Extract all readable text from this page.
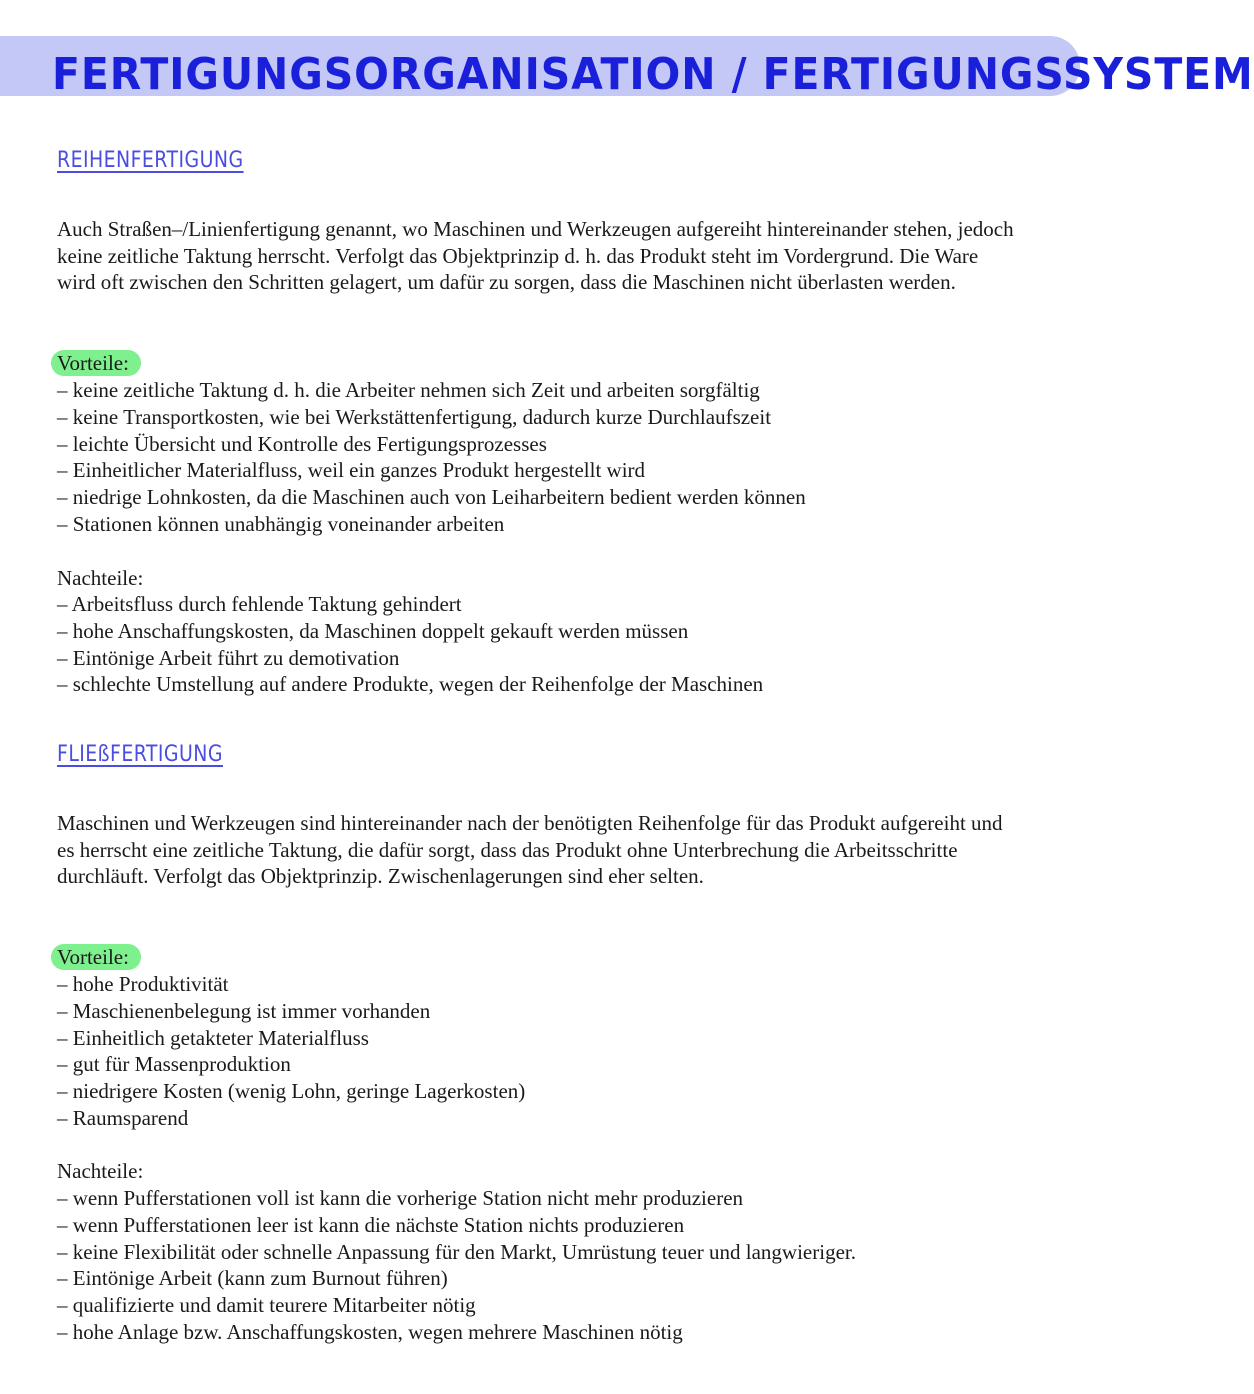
FERTIGUNGSORGANISATION / FERTIGUNGSSYSTEM
REIHENFERTIGUNG

Auch Straßen–/Linienfertigung genannt, wo Maschinen und Werkzeugen aufgereiht hintereinander stehen, jedoch keine zeitliche Taktung herrscht. Verfolgt das Objektprinzip d. h. das Produkt steht im Vordergrund. Die Ware wird oft zwischen den Schritten gelagert, um dafür zu sorgen, dass die Maschinen nicht überlasten werden.

Vorteile:

– keine zeitliche Taktung d. h. die Arbeiter nehmen sich Zeit und arbeiten sorgfältig
– keine Transportkosten, wie bei Werkstättenfertigung, dadurch kurze Durchlaufszeit
– leichte Übersicht und Kontrolle des Fertigungsprozesses
– Einheitlicher Materialfluss, weil ein ganzes Produkt hergestellt wird
– niedrige Lohnkosten, da die Maschinen auch von Leiharbeitern bedient werden können
– Stationen können unabhängig voneinander arbeiten

Nachteile:

– Arbeitsfluss durch fehlende Taktung gehindert
– hohe Anschaffungskosten, da Maschinen doppelt gekauft werden müssen
– Eintönige Arbeit führt zu demotivation
– schlechte Umstellung auf andere Produkte, wegen der Reihenfolge der Maschinen
FLIEßFERTIGUNG

Maschinen und Werkzeugen sind hintereinander nach der benötigten Reihenfolge für das Produkt aufgereiht und es herrscht eine zeitliche Taktung, die dafür sorgt, dass das Produkt ohne Unterbrechung die Arbeitsschritte durchläuft. Verfolgt das Objektprinzip. Zwischenlagerungen sind eher selten.

Vorteile:

– hohe Produktivität
– Maschienenbelegung ist immer vorhanden
– Einheitlich getakteter Materialfluss
– gut für Massenproduktion
– niedrigere Kosten (wenig Lohn, geringe Lagerkosten)
– Raumsparend

Nachteile:

– wenn Pufferstationen voll ist kann die vorherige Station nicht mehr produzieren
– wenn Pufferstationen leer ist kann die nächste Station nichts produzieren
– keine Flexibilität oder schnelle Anpassung für den Markt, Umrüstung teuer und langwieriger.
– Eintönige Arbeit (kann zum Burnout führen)
– qualifizierte und damit teurere Mitarbeiter nötig
– hohe Anlage bzw. Anschaffungskosten, wegen mehrere Maschinen nötig
